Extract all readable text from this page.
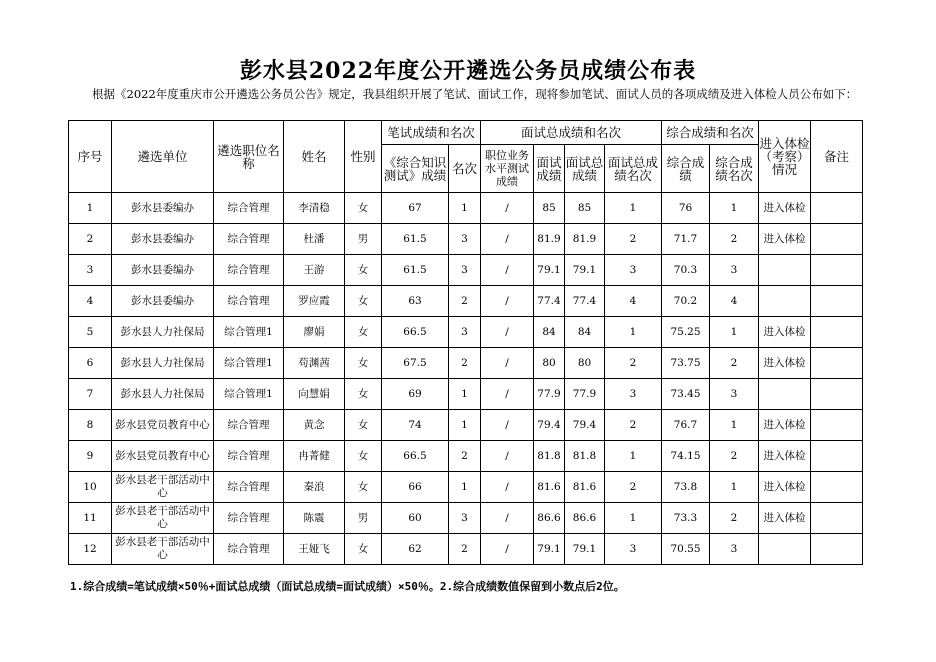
彭水县2022年度公开遴选公务员成绩公布表
根据《2022年度重庆市公开遴选公务员公告》规定，我县组织开展了笔试、面试工作，现将参加笔试、面试人员的各项成绩及进入体检人员公布如下：
序号	遴选单位	遴选职位名称	姓名	性别	笔试成绩和名次		面试总成绩和名次				综合成绩和名次		进入体检（考察）情况	备注
					《综合知识测试》成绩	名次	职位业务水平测试成绩	面试成绩	面试总成绩	面试总成绩名次	综合成绩	综合成绩名次		
1	彭水县委编办	综合管理	李清稳	女	67	1	/	85	85	1	76	1	进入体检	
2	彭水县委编办	综合管理	杜潘	男	61.5	3	/	81.9	81.9	2	71.7	2	进入体检	
3	彭水县委编办	综合管理	王游	女	61.5	3	/	79.1	79.1	3	70.3	3		
4	彭水县委编办	综合管理	罗应霞	女	63	2	/	77.4	77.4	4	70.2	4		
5	彭水县人力社保局	综合管理1	廖娟	女	66.5	3	/	84	84	1	75.25	1	进入体检	
6	彭水县人力社保局	综合管理1	苟渊茜	女	67.5	2	/	80	80	2	73.75	2	进入体检	
7	彭水县人力社保局	综合管理1	向慧娟	女	69	1	/	77.9	77.9	3	73.45	3		
8	彭水县党员教育中心	综合管理	黄念	女	74	1	/	79.4	79.4	2	76.7	1	进入体检	
9	彭水县党员教育中心	综合管理	冉菁健	女	66.5	2	/	81.8	81.8	1	74.15	2	进入体检	
10	彭水县老干部活动中心	综合管理	秦浪	女	66	1	/	81.6	81.6	2	73.8	1	进入体检	
11	彭水县老干部活动中心	综合管理	陈震	男	60	3	/	86.6	86.6	1	73.3	2	进入体检	
12	彭水县老干部活动中心	综合管理	王娅飞	女	62	2	/	79.1	79.1	3	70.55	3		
1.综合成绩=笔试成绩×50％+面试总成绩（面试总成绩=面试成绩）×50％。2.综合成绩数值保留到小数点后2位。
